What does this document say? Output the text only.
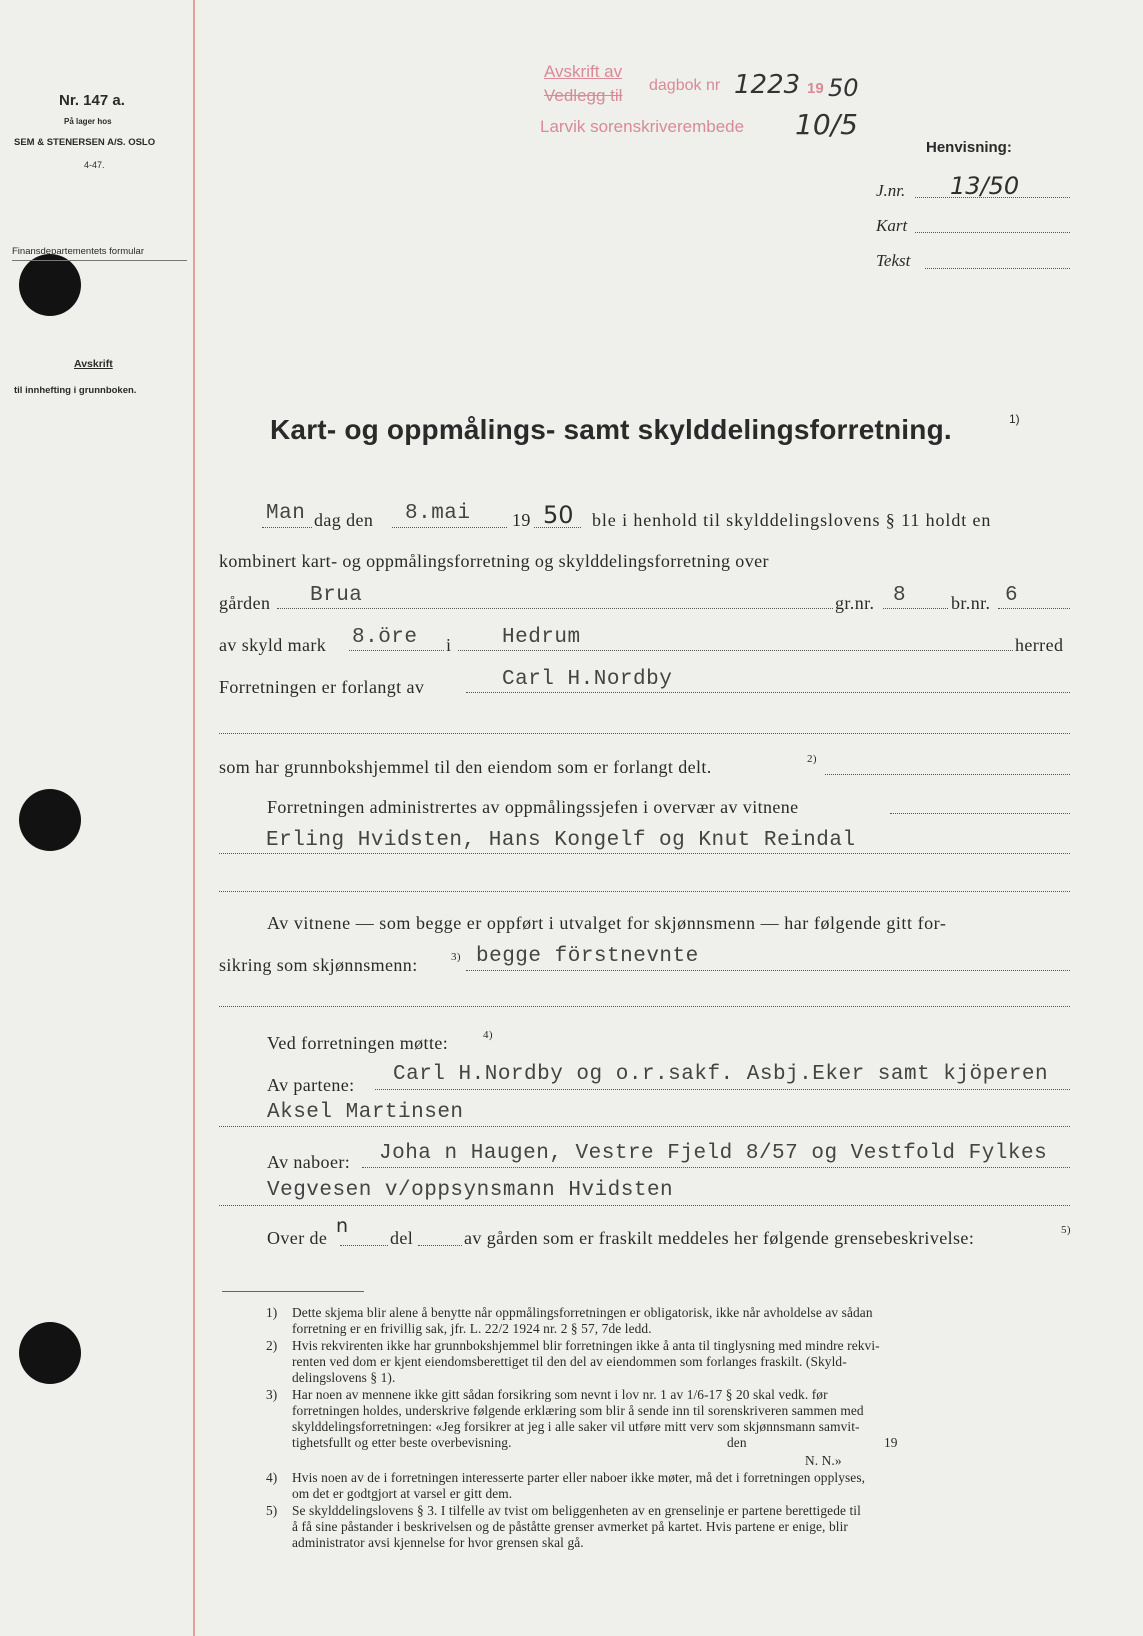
Nr. 147 a.
På lager hos
SEM & STENERSEN A/S. OSLO
4-47.
Finansdepartementets formular
Avskrift
til innhefting i grunnboken.
Avskrift av
Vedlegg til
dagbok nr 1223 19 50
Larvik sorenskriverembede 10/5
Henvisning:
J.nr. 13/50
Kart
Tekst
Kart- og oppmålings- samt skylddelingsforretning.	1)
Man dag den 8.mai 19 50 ble i henhold til skylddelingslovens § 11 holdt en
kombinert kart- og oppmålingsforretning og skylddelingsforretning over
gården Brua	gr.nr. 8 br.nr. 6
av skyld mark 8.öre i Hedrum	herred
Forretningen er forlangt av	Carl H.Nordby
som har grunnbokshjemmel til den eiendom som er forlangt delt.	2)
Forretningen administrertes av oppmålingssjefen i overvær av vitnene
Erling Hvidsten, Hans Kongelf og Knut Reindal
Av vitnene — som begge er oppført i utvalget for skjønnsmenn — har følgende gitt for-
sikring som skjønnsmenn:	3) begge förstnevnte
Ved forretningen møtte:	4)
Av partene: Carl H.Nordby og o.r.sakf. Asbj.Eker samt kjöperen
Aksel Martinsen
Av naboer: Joha n Haugen, Vestre Fjeld 8/57 og Vestfold Fylkes
Vegvesen v/oppsynsmann Hvidsten
Over de
n
del	av gården som er fraskilt meddeles her følgende grensebeskrivelse:	5)
1) Dette skjema blir alene å benytte når oppmålingsforretningen er obligatorisk, ikke når avholdelse av sådan
forretning er en frivillig sak, jfr. L. 22/2 1924 nr. 2 § 57, 7de ledd.
2) Hvis rekvirenten ikke har grunnbokshjemmel blir forretningen ikke å anta til tinglysning med mindre rekvi-
renten ved dom er kjent eiendomsberettiget til den del av eiendommen som forlanges fraskilt. (Skyld-
delingslovens § 1).
3) Har noen av mennene ikke gitt sådan forsikring som nevnt i lov nr. 1 av 1/6-17 § 20 skal vedk. før
forretningen holdes, underskrive følgende erklæring som blir å sende inn til sorenskriveren sammen med
skylddelingsforretningen: «Jeg forsikrer at jeg i alle saker vil utføre mitt verv som skjønnsmann samvit-
tighetsfullt og etter beste overbevisning.	den	19
N. N.»
4) Hvis noen av de i forretningen interesserte parter eller naboer ikke møter, må det i forretningen opplyses,
om det er godtgjort at varsel er gitt dem.
5) Se skylddelingslovens § 3. I tilfelle av tvist om beliggenheten av en grenselinje er partene berettigede til
å få sine påstander i beskrivelsen og de påståtte grenser avmerket på kartet. Hvis partene er enige, blir
administrator avsi kjennelse for hvor grensen skal gå.
